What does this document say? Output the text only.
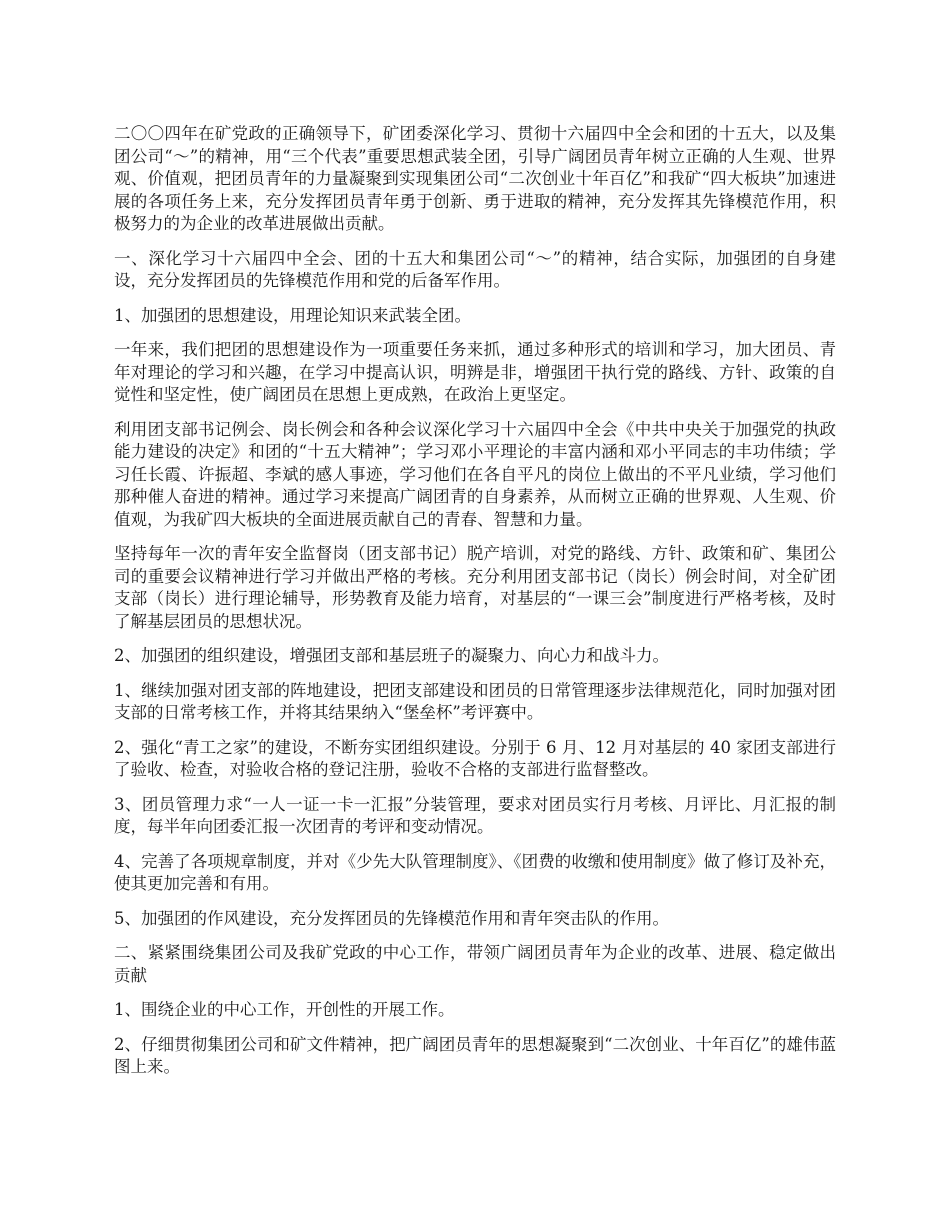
二〇〇四年在矿党政的正确领导下，矿团委深化学习、贯彻十六届四中全会和团的十五大，以及集团公司“～”的精神，用“三个代表”重要思想武装全团，引导广阔团员青年树立正确的人生观、世界观、价值观，把团员青年的力量凝聚到实现集团公司“二次创业十年百亿”和我矿“四大板块”加速进展的各项任务上来，充分发挥团员青年勇于创新、勇于进取的精神，充分发挥其先锋模范作用，积极努力的为企业的改革进展做出贡献。

一、深化学习十六届四中全会、团的十五大和集团公司“～”的精神，结合实际，加强团的自身建设，充分发挥团员的先锋模范作用和党的后备军作用。

1、加强团的思想建设，用理论知识来武装全团。

一年来，我们把团的思想建设作为一项重要任务来抓，通过多种形式的培训和学习，加大团员、青年对理论的学习和兴趣，在学习中提高认识，明辨是非，增强团干执行党的路线、方针、政策的自觉性和坚定性，使广阔团员在思想上更成熟，在政治上更坚定。

利用团支部书记例会、岗长例会和各种会议深化学习十六届四中全会《中共中央关于加强党的执政能力建设的决定》和团的“十五大精神”；学习邓小平理论的丰富内涵和邓小平同志的丰功伟绩；学习任长霞、许振超、李斌的感人事迹，学习他们在各自平凡的岗位上做出的不平凡业绩，学习他们那种催人奋进的精神。通过学习来提高广阔团青的自身素养，从而树立正确的世界观、人生观、价值观，为我矿四大板块的全面进展贡献自己的青春、智慧和力量。

坚持每年一次的青年安全监督岗（团支部书记）脱产培训，对党的路线、方针、政策和矿、集团公司的重要会议精神进行学习并做出严格的考核。充分利用团支部书记（岗长）例会时间，对全矿团支部（岗长）进行理论辅导，形势教育及能力培育，对基层的“一课三会”制度进行严格考核，及时了解基层团员的思想状况。

2、加强团的组织建设，增强团支部和基层班子的凝聚力、向心力和战斗力。

1、继续加强对团支部的阵地建设，把团支部建设和团员的日常管理逐步法律规范化，同时加强对团支部的日常考核工作，并将其结果纳入“堡垒杯”考评赛中。

2、强化“青工之家”的建设，不断夯实团组织建设。分别于 6 月、12 月对基层的 40 家团支部进行了验收、检查，对验收合格的登记注册，验收不合格的支部进行监督整改。

3、团员管理力求“一人一证一卡一汇报”分装管理，要求对团员实行月考核、月评比、月汇报的制度，每半年向团委汇报一次团青的考评和变动情况。

4、完善了各项规章制度，并对《少先大队管理制度》、《团费的收缴和使用制度》做了修订及补充，使其更加完善和有用。

5、加强团的作风建设，充分发挥团员的先锋模范作用和青年突击队的作用。

二、紧紧围绕集团公司及我矿党政的中心工作，带领广阔团员青年为企业的改革、进展、稳定做出贡献

1、围绕企业的中心工作，开创性的开展工作。

2、仔细贯彻集团公司和矿文件精神，把广阔团员青年的思想凝聚到“二次创业、十年百亿”的雄伟蓝图上来。
